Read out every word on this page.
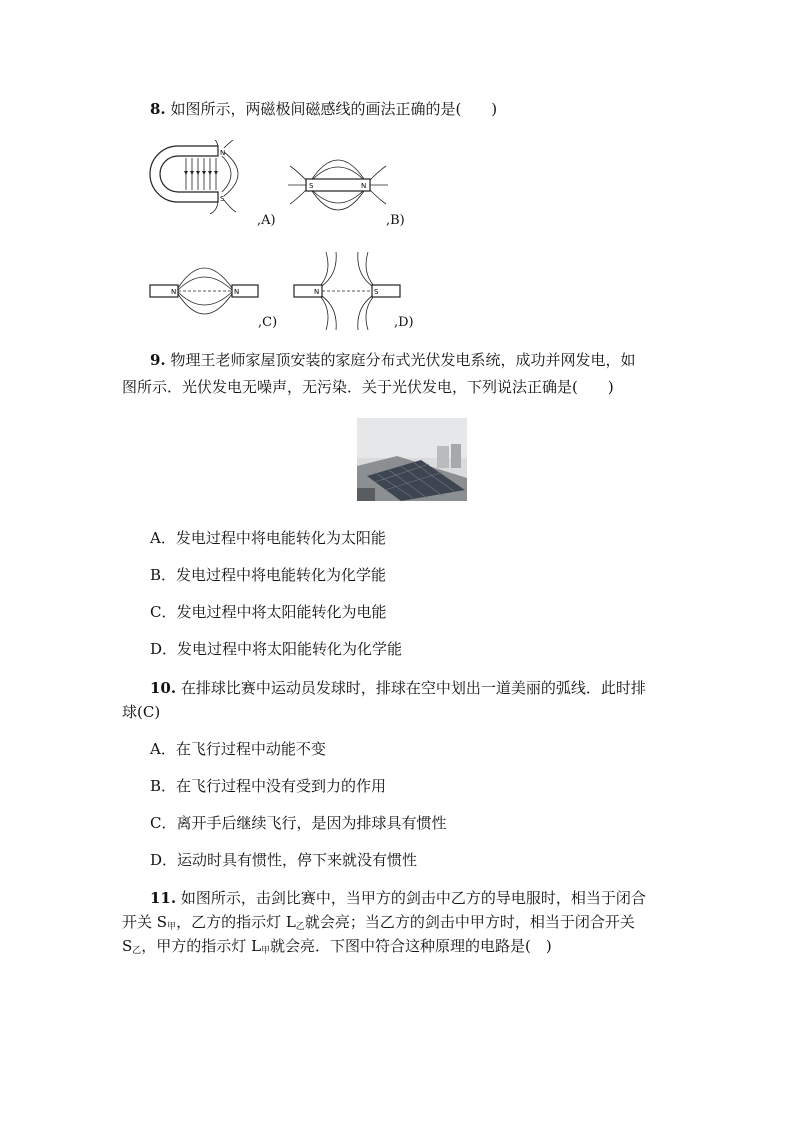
8. 如图所示，两磁极间磁感线的画法正确的是(　　)
N
S
,A)
S	N
,B)
N	N
,C)
N	S
,D)
9. 物理王老师家屋顶安装的家庭分布式光伏发电系统，成功并网发电，如
图所示．光伏发电无噪声，无污染．关于光伏发电，下列说法正确是(　　)
A．发电过程中将电能转化为太阳能
B．发电过程中将电能转化为化学能
C．发电过程中将太阳能转化为电能
D．发电过程中将太阳能转化为化学能
10. 在排球比赛中运动员发球时，排球在空中划出一道美丽的弧线．此时排
球(C)
A．在飞行过程中动能不变
B．在飞行过程中没有受到力的作用
C．离开手后继续飞行，是因为排球具有惯性
D．运动时具有惯性，停下来就没有惯性
11. 如图所示，击剑比赛中，当甲方的剑击中乙方的导电服时，相当于闭合
开关 $S_甲$，乙方的指示灯 $L_乙$就会亮；当乙方的剑击中甲方时，相当于闭合开关
$S_乙$，甲方的指示灯 $L_甲$就会亮．下图中符合这种原理的电路是(　)
